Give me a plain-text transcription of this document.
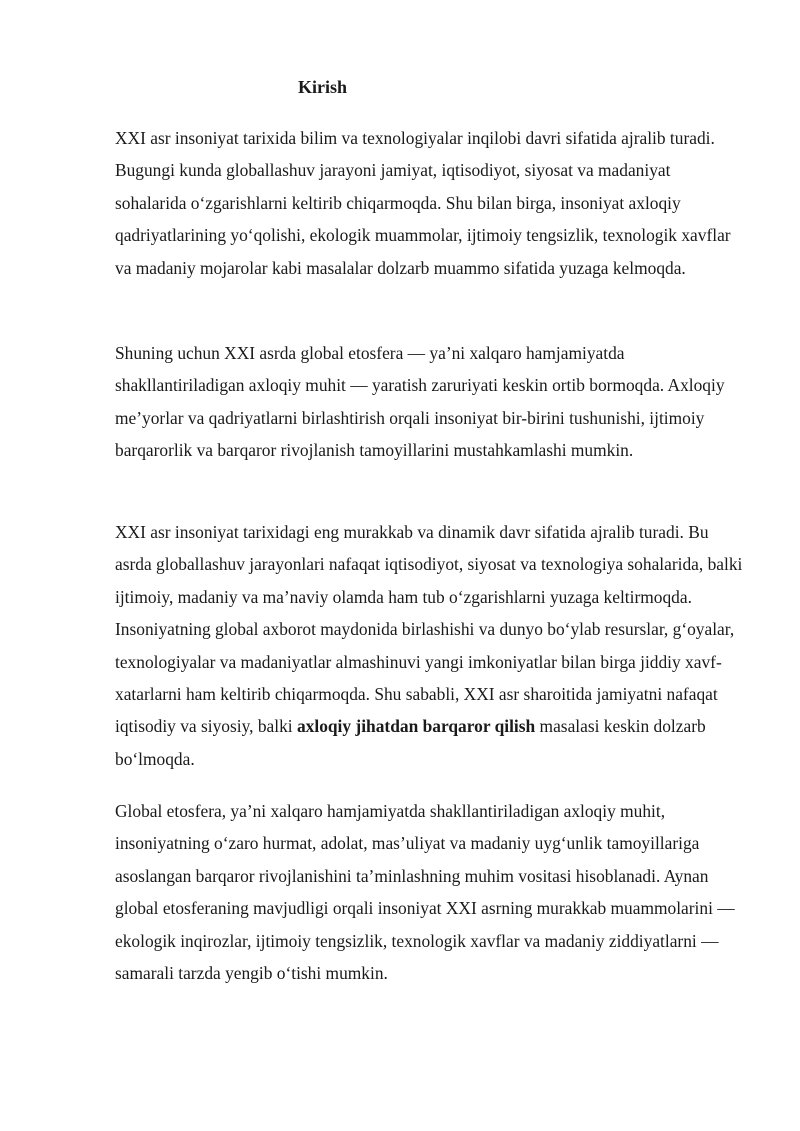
Kirish

XXI asr insoniyat tarixida bilim va texnologiyalar inqilobi davri sifatida ajralib turadi. Bugungi kunda globallashuv jarayoni jamiyat, iqtisodiyot, siyosat va madaniyat sohalarida o‘zgarishlarni keltirib chiqarmoqda. Shu bilan birga, insoniyat axloqiy qadriyatlarining yo‘qolishi, ekologik muammolar, ijtimoiy tengsizlik, texnologik xavflar va madaniy mojarolar kabi masalalar dolzarb muammo sifatida yuzaga kelmoqda.

Shuning uchun XXI asrda global etosfera — ya’ni xalqaro hamjamiyatda shakllantiriladigan axloqiy muhit — yaratish zaruriyati keskin ortib bormoqda. Axloqiy me’yorlar va qadriyatlarni birlashtirish orqali insoniyat bir-birini tushunishi, ijtimoiy barqarorlik va barqaror rivojlanish tamoyillarini mustahkamlashi mumkin.

XXI asr insoniyat tarixidagi eng murakkab va dinamik davr sifatida ajralib turadi. Bu asrda globallashuv jarayonlari nafaqat iqtisodiyot, siyosat va texnologiya sohalarida, balki ijtimoiy, madaniy va ma’naviy olamda ham tub o‘zgarishlarni yuzaga keltirmoqda. Insoniyatning global axborot maydonida birlashishi va dunyo bo‘ylab resurslar, g‘oyalar, texnologiyalar va madaniyatlar almashinuvi yangi imkoniyatlar bilan birga jiddiy xavf-xatarlarni ham keltirib chiqarmoqda. Shu sababli, XXI asr sharoitida jamiyatni nafaqat iqtisodiy va siyosiy, balki axloqiy jihatdan barqaror qilish masalasi keskin dolzarb bo‘lmoqda.

Global etosfera, ya’ni xalqaro hamjamiyatda shakllantiriladigan axloqiy muhit, insoniyatning o‘zaro hurmat, adolat, mas’uliyat va madaniy uyg‘unlik tamoyillariga asoslangan barqaror rivojlanishini ta’minlashning muhim vositasi hisoblanadi. Aynan global etosferaning mavjudligi orqali insoniyat XXI asrning murakkab muammolarini — ekologik inqirozlar, ijtimoiy tengsizlik, texnologik xavflar va madaniy ziddiyatlarni — samarali tarzda yengib o‘tishi mumkin.
